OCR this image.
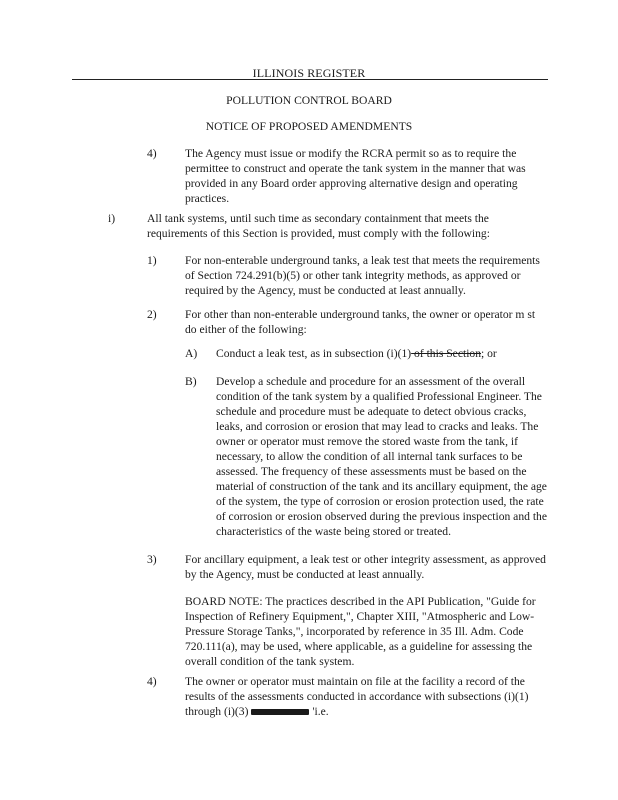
ILLINOIS REGISTER
POLLUTION CONTROL BOARD
NOTICE OF PROPOSED AMENDMENTS
4) The Agency must issue or modify the RCRA permit so as to require the permittee to construct and operate the tank system in the manner that was provided in any Board order approving alternative design and operating practices.
i)	All tank systems, until such time as secondary containment that meets the requirements of this Section is provided, must comply with the following:
1) For non-enterable underground tanks, a leak test that meets the requirements of Section 724.291(b)(5) or other tank integrity methods, as approved or required by the Agency, must be conducted at least annually.
2) For other than non-enterable underground tanks, the owner or operator m st do either of the following:
A) Conduct a leak test, as in subsection (i)(1) of this Section; or
B) Develop a schedule and procedure for an assessment of the overall condition of the tank system by a qualified Professional Engineer. The schedule and procedure must be adequate to detect obvious cracks, leaks, and corrosion or erosion that may lead to cracks and leaks. The owner or operator must remove the stored waste from the tank, if necessary, to allow the condition of all internal tank surfaces to be assessed. The frequency of these assessments must be based on the material of construction of the tank and its ancillary equipment, the age of the system, the type of corrosion or erosion protection used, the rate of corrosion or erosion observed during the previous inspection and the characteristics of the waste being stored or treated.
3) For ancillary equipment, a leak test or other integrity assessment, as approved by the Agency, must be conducted at least annually.
BOARD NOTE: The practices described in the API Publication, "Guide for Inspection of Refinery Equipment,", Chapter XIII, "Atmospheric and Low-Pressure Storage Tanks,", incorporated by reference in 35 Ill. Adm. Code 720.111(a), may be used, where applicable, as a guideline for assessing the overall condition of the tank system.
4) The owner or operator must maintain on file at the facility a record of the results of the assessments conducted in accordance with subsections (i)(1) through (i)(3)	'i.e.
